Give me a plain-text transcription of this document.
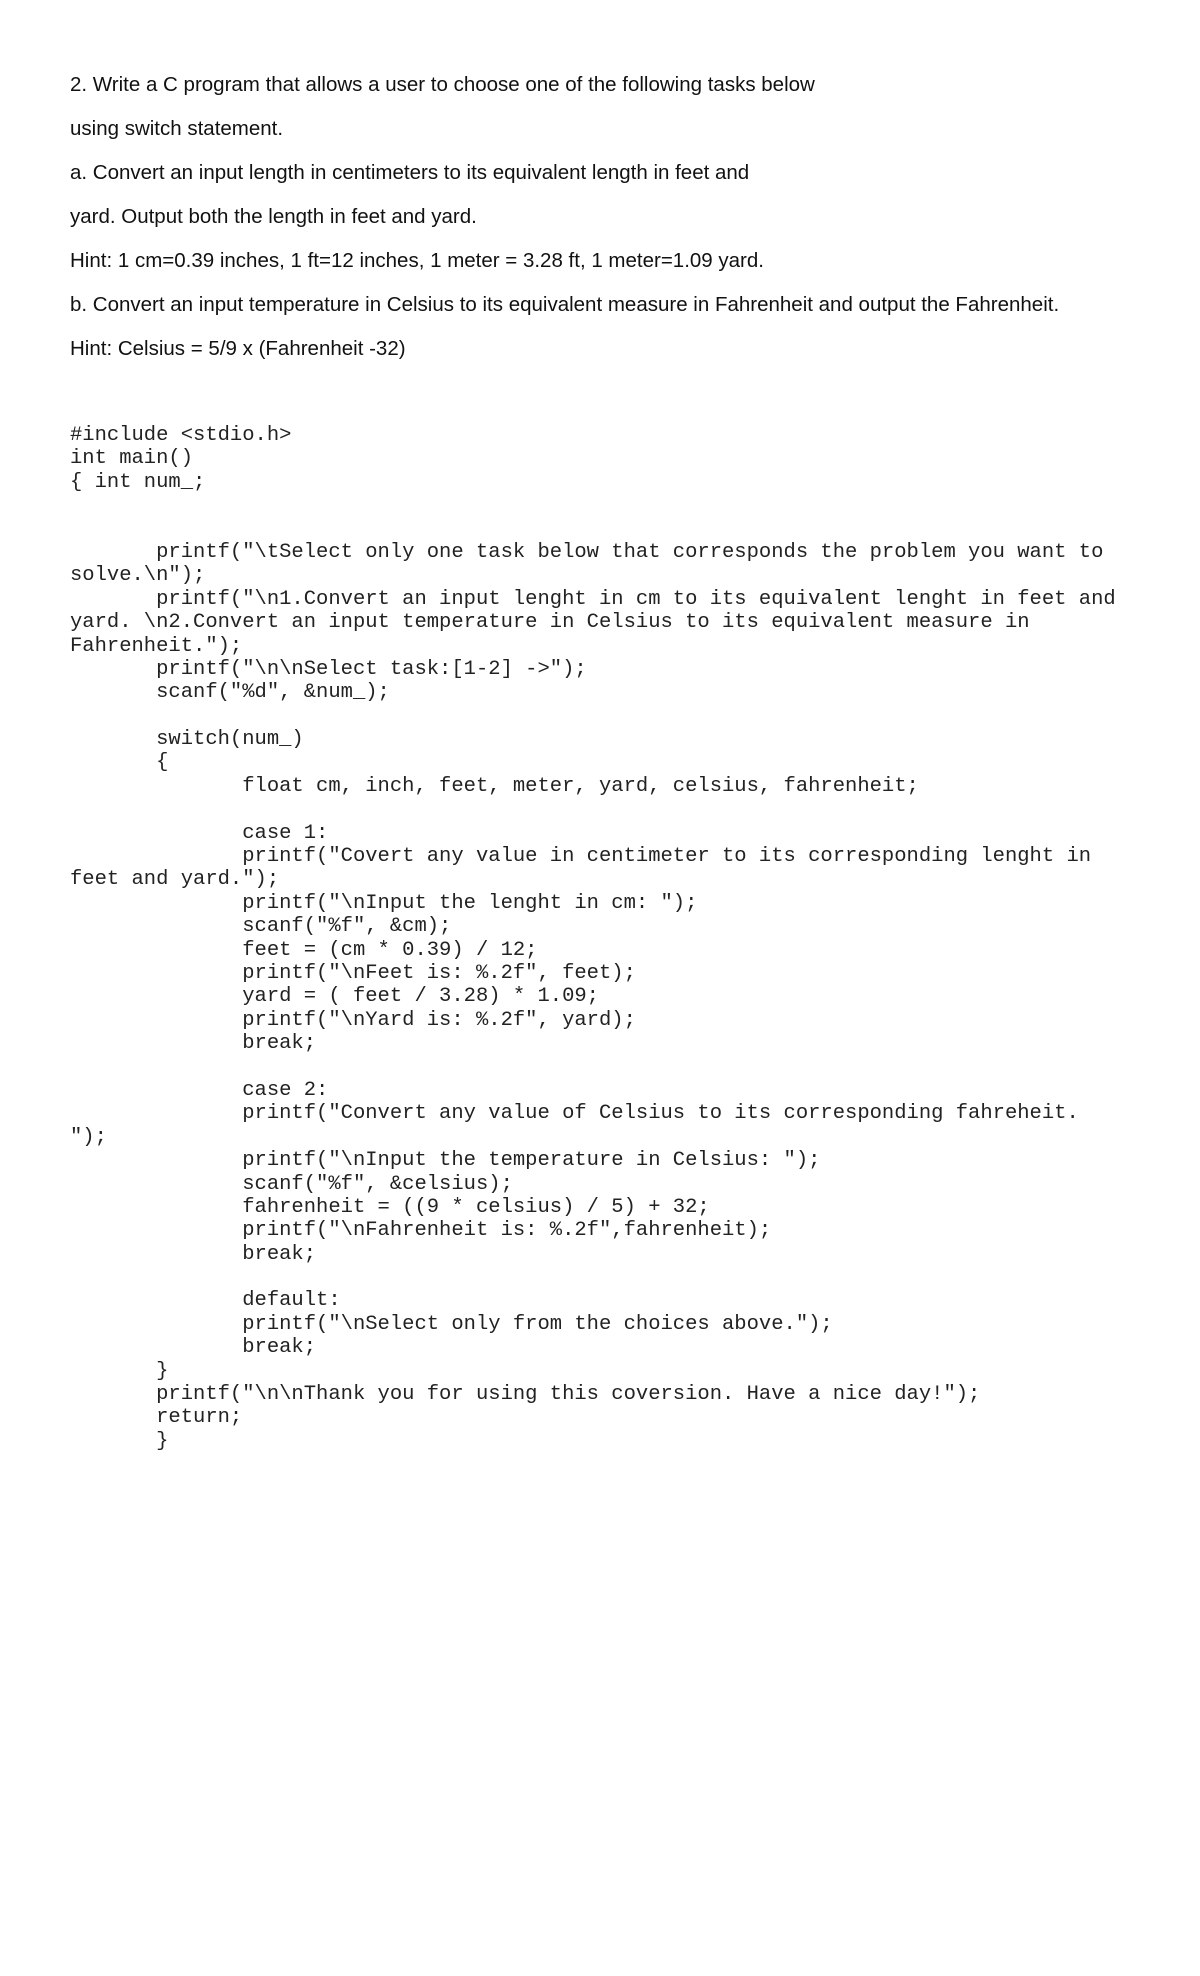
2. Write a C program that allows a user to choose one of the following tasks below

using switch statement.

a. Convert an input length in centimeters to its equivalent length in feet and

yard. Output both the length in feet and yard.

Hint: 1 cm=0.39 inches, 1 ft=12 inches, 1 meter = 3.28 ft, 1 meter=1.09 yard.

b. Convert an input temperature in Celsius to its equivalent measure in Fahrenheit and output the Fahrenheit.

Hint: Celsius = 5/9 x (Fahrenheit -32)

#include <stdio.h>
int main()
{ int num_;
printf("\tSelect only one task below that corresponds the problem you want to
solve.\n");
printf("\n1.Convert an input lenght in cm to its equivalent lenght in feet and
yard. \n2.Convert an input temperature in Celsius to its equivalent measure in
Fahrenheit.");
printf("\n\nSelect task:[1-2] ->");
scanf("%d", &num_);
switch(num_)
{
float cm, inch, feet, meter, yard, celsius, fahrenheit;
case 1:
printf("Covert any value in centimeter to its corresponding lenght in
feet and yard.");
printf("\nInput the lenght in cm: ");
scanf("%f", &cm);
feet = (cm * 0.39) / 12;
printf("\nFeet is: %.2f", feet);
yard = ( feet / 3.28) * 1.09;
printf("\nYard is: %.2f", yard);
break;
case 2:
printf("Convert any value of Celsius to its corresponding fahreheit.
");
printf("\nInput the temperature in Celsius: ");
scanf("%f", &celsius);
fahrenheit = ((9 * celsius) / 5) + 32;
printf("\nFahrenheit is: %.2f",fahrenheit);
break;
default:
printf("\nSelect only from the choices above.");
break;
}
printf("\n\nThank you for using this coversion. Have a nice day!");
return;
}
